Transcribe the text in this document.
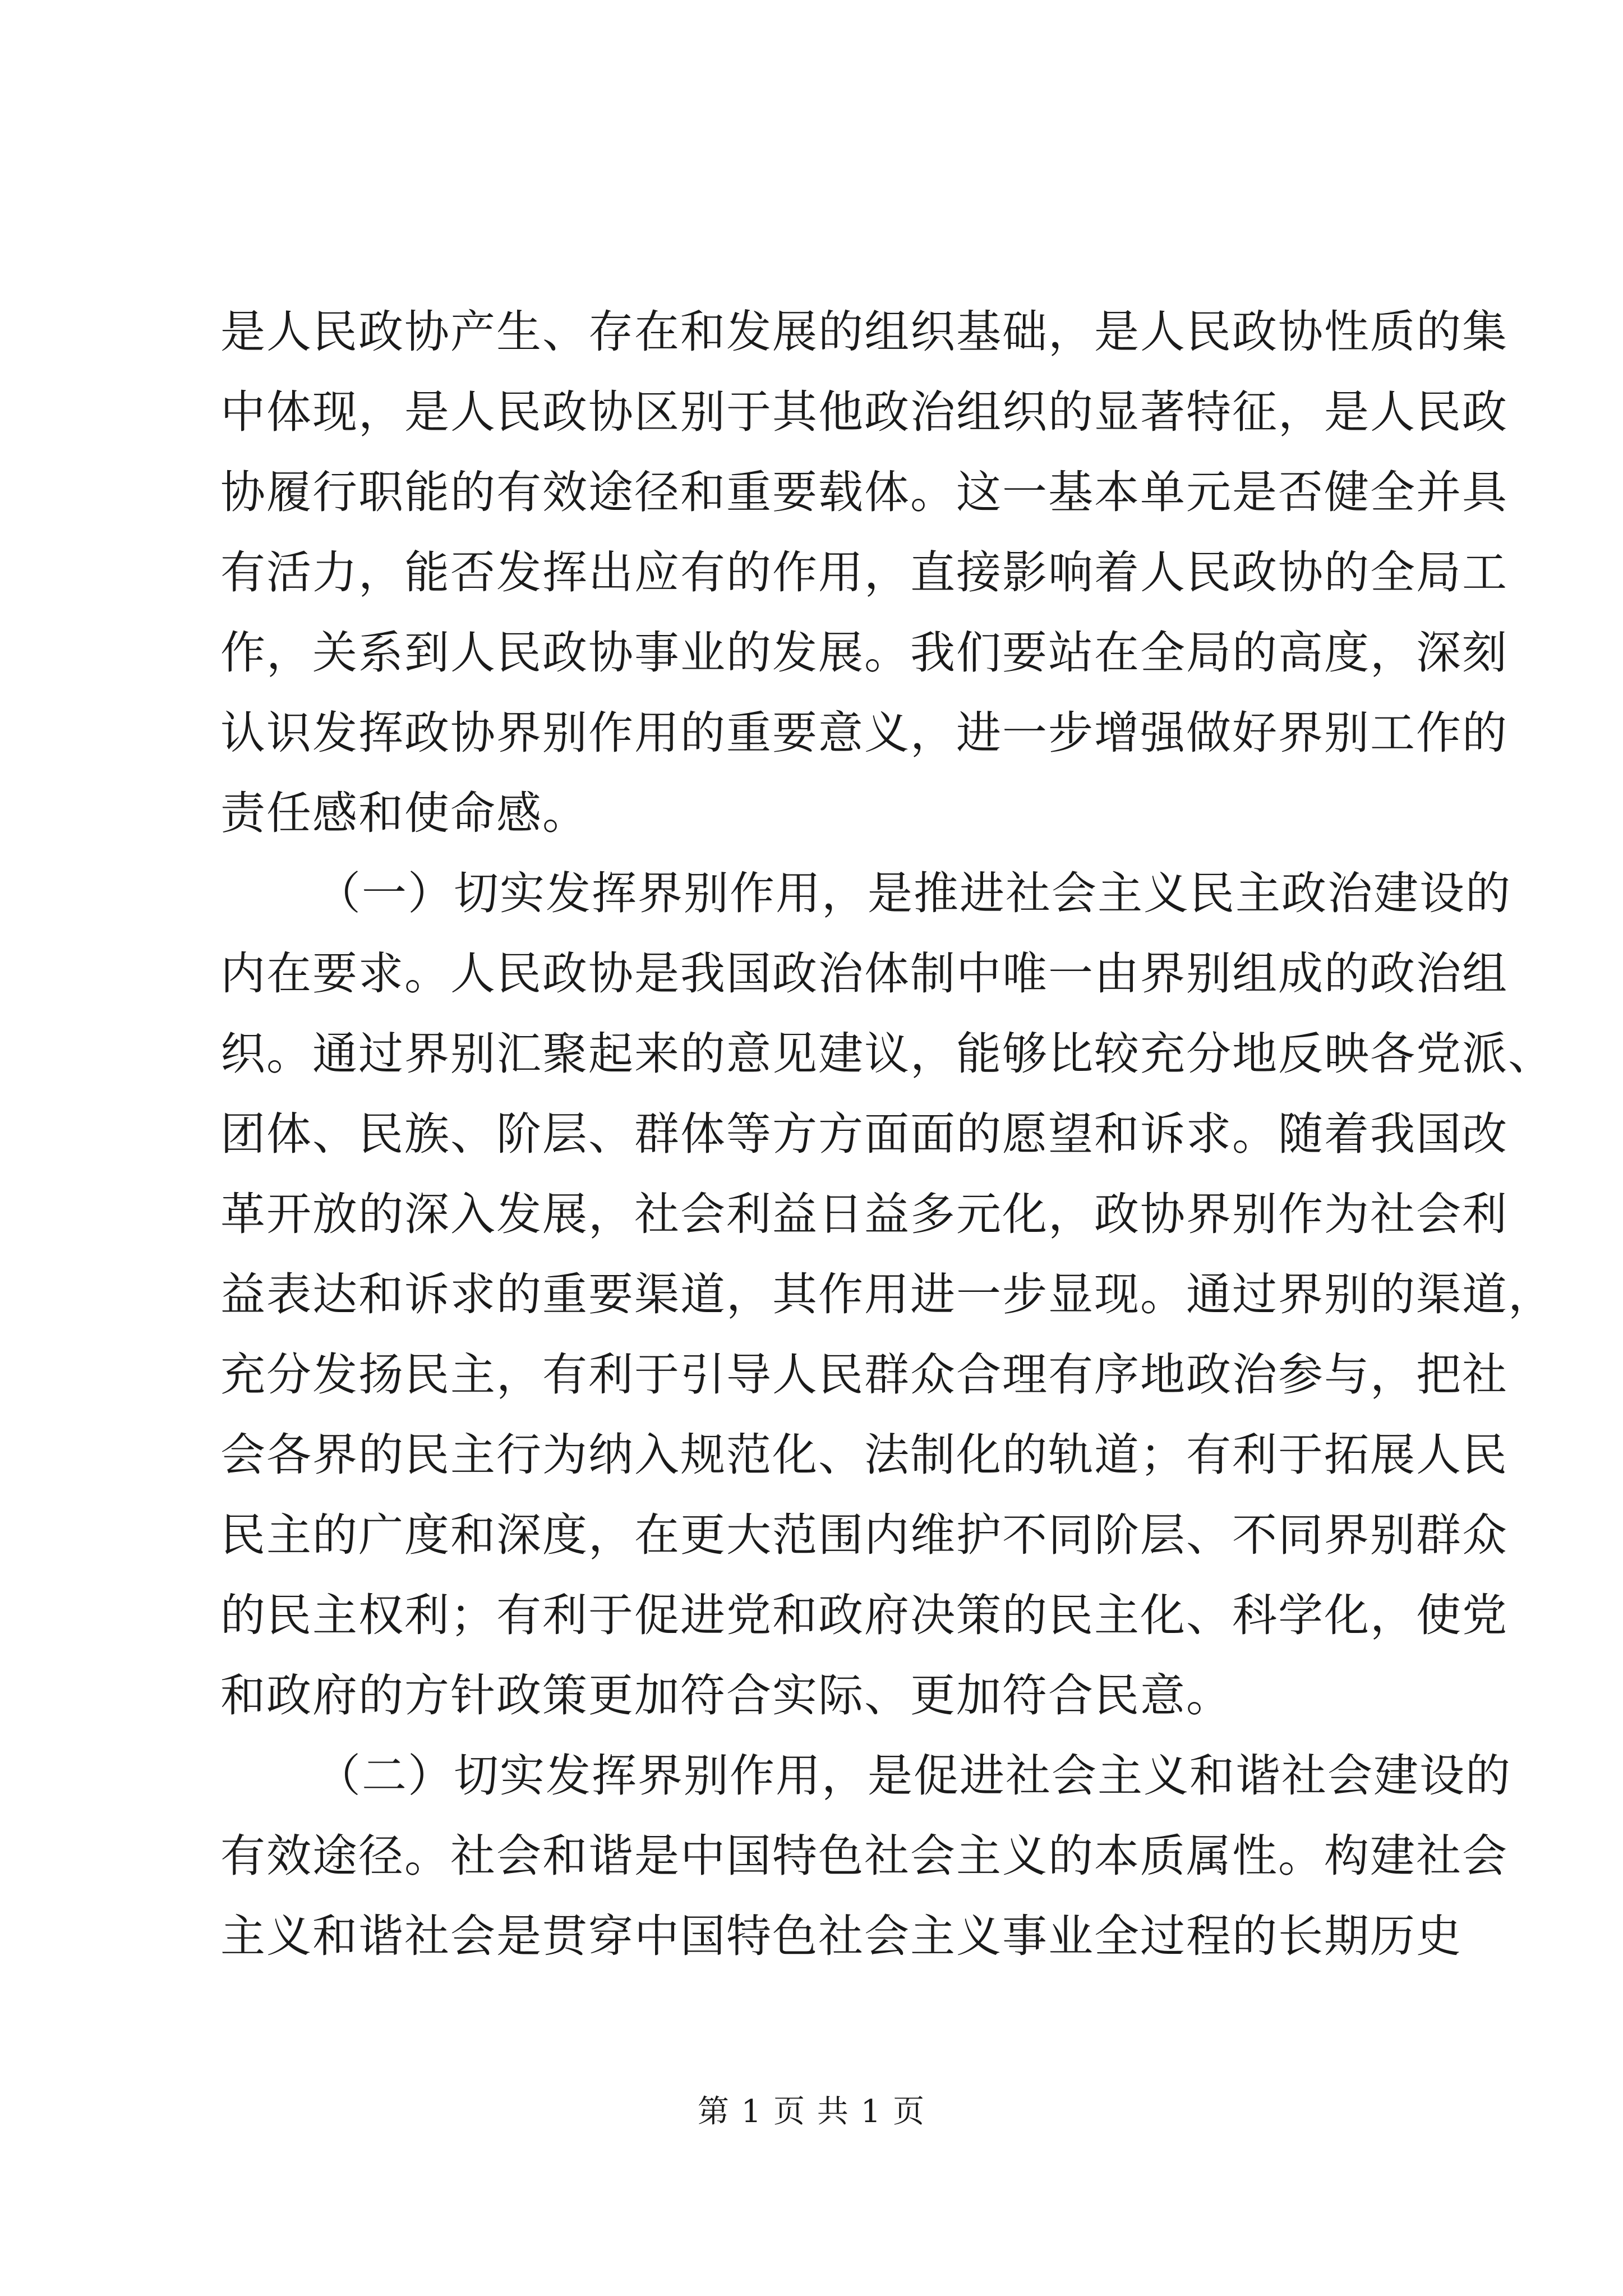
是人民政协产生、存在和发展的组织基础，是人民政协性质的集
中体现，是人民政协区别于其他政治组织的显著特征，是人民政
协履行职能的有效途径和重要载体。这一基本单元是否健全并具
有活力，能否发挥出应有的作用，直接影响着人民政协的全局工
作，关系到人民政协事业的发展。我们要站在全局的高度，深刻
认识发挥政协界别作用的重要意义，进一步增强做好界别工作的
责任感和使命感。
（一）切实发挥界别作用，是推进社会主义民主政治建设的
内在要求。人民政协是我国政治体制中唯一由界别组成的政治组
织。通过界别汇聚起来的意见建议，能够比较充分地反映各党派、
团体、民族、阶层、群体等方方面面的愿望和诉求。随着我国改
革开放的深入发展，社会利益日益多元化，政协界别作为社会利
益表达和诉求的重要渠道，其作用进一步显现。通过界别的渠道，
充分发扬民主，有利于引导人民群众合理有序地政治参与，把社
会各界的民主行为纳入规范化、法制化的轨道；有利于拓展人民
民主的广度和深度，在更大范围内维护不同阶层、不同界别群众
的民主权利；有利于促进党和政府决策的民主化、科学化，使党
和政府的方针政策更加符合实际、更加符合民意。
（二）切实发挥界别作用，是促进社会主义和谐社会建设的
有效途径。社会和谐是中国特色社会主义的本质属性。构建社会
主义和谐社会是贯穿中国特色社会主义事业全过程的长期历史
第 1 页 共 1 页
